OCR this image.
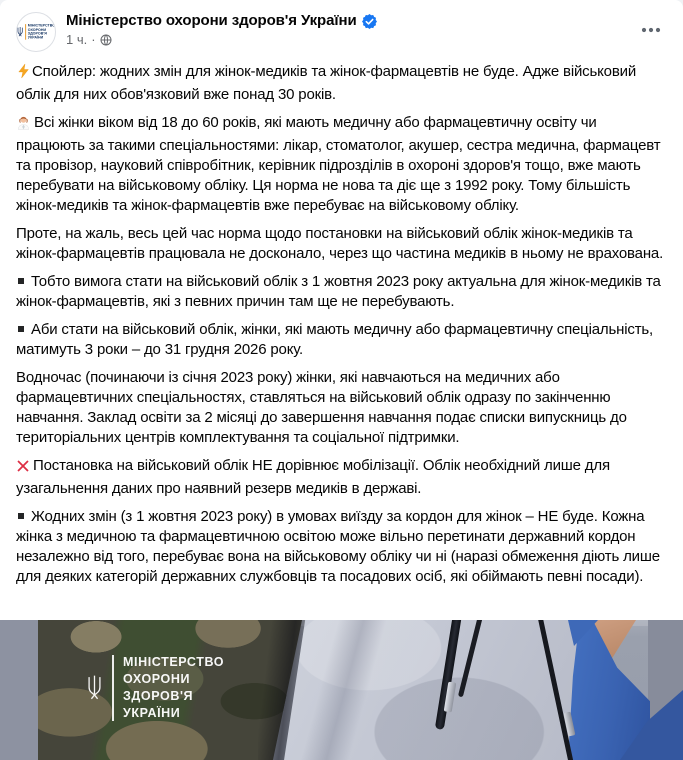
МІНІСТЕРСТВО
ОХОРОНИ
ЗДОРОВ'Я
УКРАЇНИ
Міністерство охорони здоров'я України
1 ч. ·

Спойлер: жодних змін для жінок-медиків та жінок-фармацевтів не буде. Адже військовий облік для них обов'язковий вже понад 30 років.

Всі жінки віком від 18 до 60 років, які мають медичну або фармацевтичну освіту чи працюють за такими спеціальностями: лікар, стоматолог, акушер, сестра медична, фармацевт та провізор, науковий співробітник, керівник підрозділів в охороні здоров'я тощо, вже мають перебувати на військовому обліку. Ця норма не нова та діє ще з 1992 року. Тому більшість жінок-медиків та жінок-фармацевтів вже перебуває на військовому обліку.

Проте, на жаль, весь цей час норма щодо постановки на військовий облік жінок-медиків та жінок-фармацевтів працювала не досконало, через що частина медиків в ньому не врахована.

Тобто вимога стати на військовий облік з 1 жовтня 2023 року актуальна для жінок-медиків та жінок-фармацевтів, які з певних причин там ще не перебувають.

Аби стати на військовий облік, жінки, які мають медичну або фармацевтичну спеціальність, матимуть 3 роки – до 31 грудня 2026 року.

Водночас (починаючи із січня 2023 року) жінки, які навчаються на медичних або фармацевтичних спеціальностях, ставляться на військовий облік одразу по закінченню навчання. Заклад освіти за 2 місяці до завершення навчання подає списки випускниць до територіальних центрів комплектування та соціальної підтримки.

Постановка на військовий облік НЕ дорівнює мобілізації. Облік необхідний лише для узагальнення даних про наявний резерв медиків в державі.

Жодних змін (з 1 жовтня 2023 року) в умовах виїзду за кордон для жінок – НЕ буде. Кожна жінка з медичною та фармацевтичною освітою може вільно перетинати державний кордон незалежно від того, перебуває вона на військовому обліку чи ні (наразі обмеження діють лише для деяких категорій державних службовців та посадових осіб, які обіймають певні посади).

МІНІСТЕРСТВО
ОХОРОНИ
ЗДОРОВ'Я
УКРАЇНИ
